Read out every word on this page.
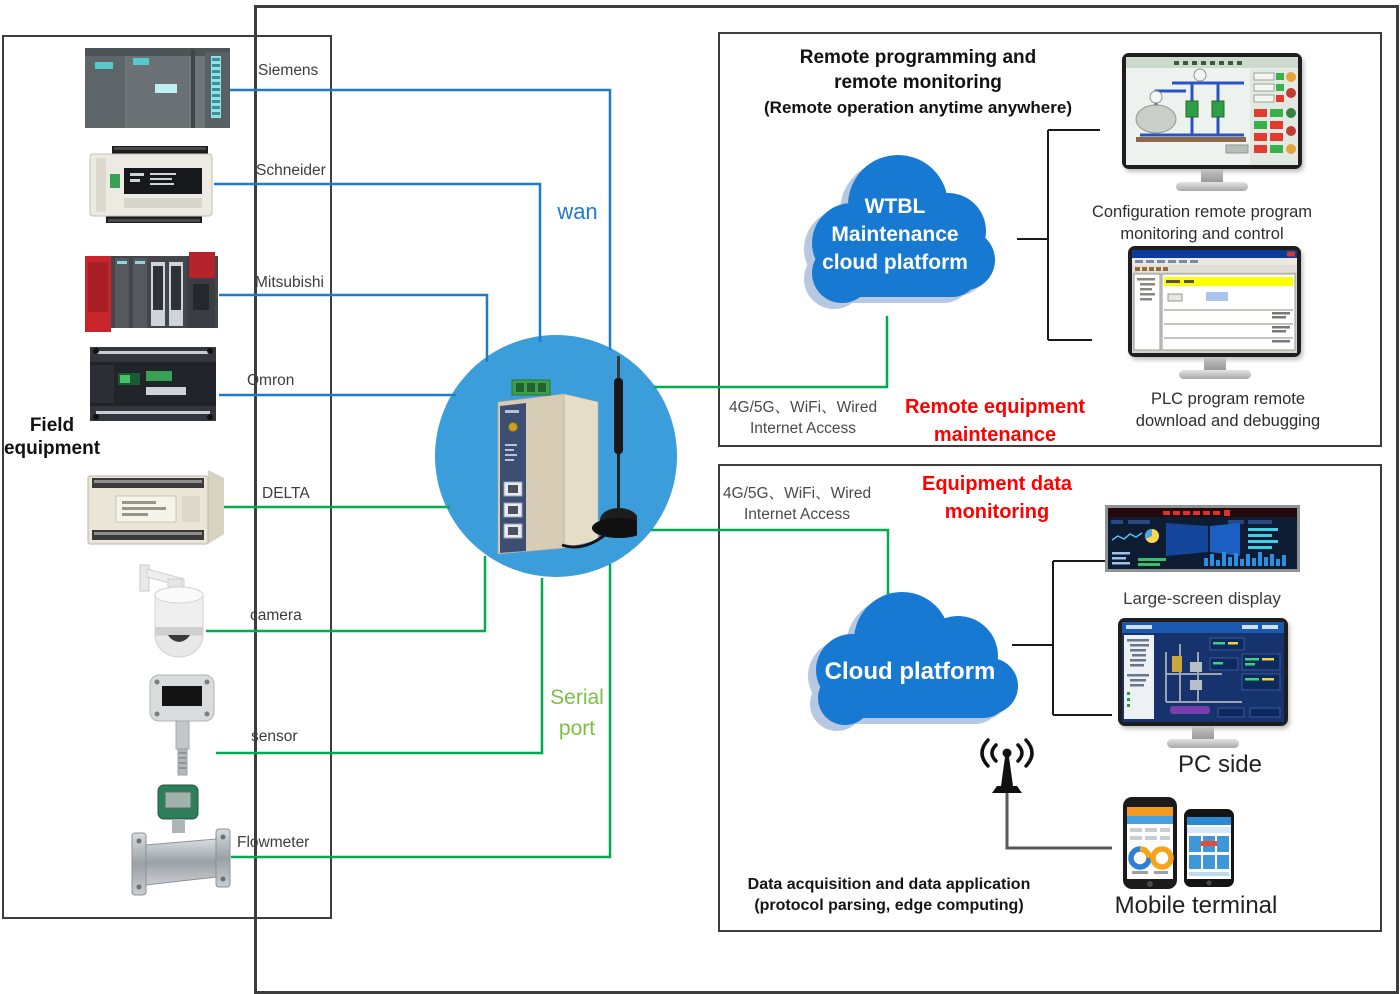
Siemens
Schneider
Mitsubishi
Omron
DELTA
camera
sensor
Flowmeter
Field
equipment
wan
Serial
port
Remote programming and
remote monitoring
(Remote operation anytime anywhere)
WTBL
Maintenance
cloud platform
Configuration remote program
monitoring and control
PLC program remote
download and debugging
4G/5G、WiFi、Wired
Internet Access
Remote equipment
maintenance
4G/5G、WiFi、Wired
Internet Access
Equipment data
monitoring
Cloud platform
Large-screen display
PC side
Mobile terminal
Data acquisition and data application
(protocol parsing, edge computing)
